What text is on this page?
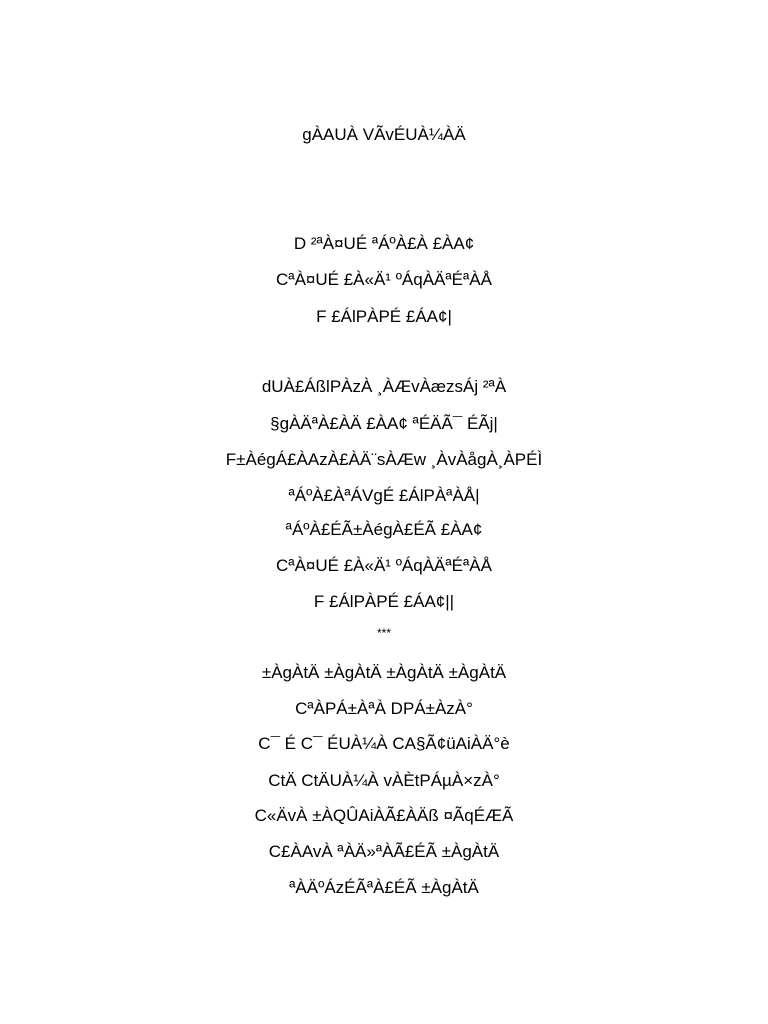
gÀAUÀ VÃvÉUÀ¼ÀÄ
D ²ªÀ¤UÉ ªÁºÀ£À £ÀA¢
CªÀ¤UÉ £À«Ä¹ ºÁqÀÄªÉªÀÅ
F £ÁlPÀPÉ £ÁA¢|
dUÀ£ÁßlPÀzÀ ¸ÀÆvÀæzsÁj ²ªÀ
§gÀÄªÀ£ÀÄ £ÀA¢ ªÉÄÃ¯ ÉÃj|
F±ÀégÁ£ÀAzÀ£ÀÄ¨sÀÆw ¸ÀvÀågÀ¸ÀPÉÌ
ªÁºÀ£ÀªÁVgÉ £ÁlPÀªÀÅ|
ªÁºÀ£ÉÃ±ÀégÀ£ÉÃ £ÀA¢
CªÀ¤UÉ £À«Ä¹ ºÁqÀÄªÉªÀÅ
F £ÁlPÀPÉ £ÁA¢||
***
±ÀgÀtÄ ±ÀgÀtÄ ±ÀgÀtÄ ±ÀgÀtÄ
CªÀPÁ±ÀªÀ DPÁ±ÀzÀ°
C¯ É C¯ ÉUÀ¼À CA§Ã¢üAiÀÄ°è
CtÄ CtÄUÀ¼À vÀÈtPÁµÀ×zÀ°
C«ÄvÀ ±ÀQÛAiÀÃ£ÀÄß ¤ÃqÉÆÃ
C£ÀAvÀ ªÀÄ»ªÀÃ£ÉÃ ±ÀgÀtÄ
ªÀÄºÁzÉÃªÀ£ÉÃ ±ÀgÀtÄ
